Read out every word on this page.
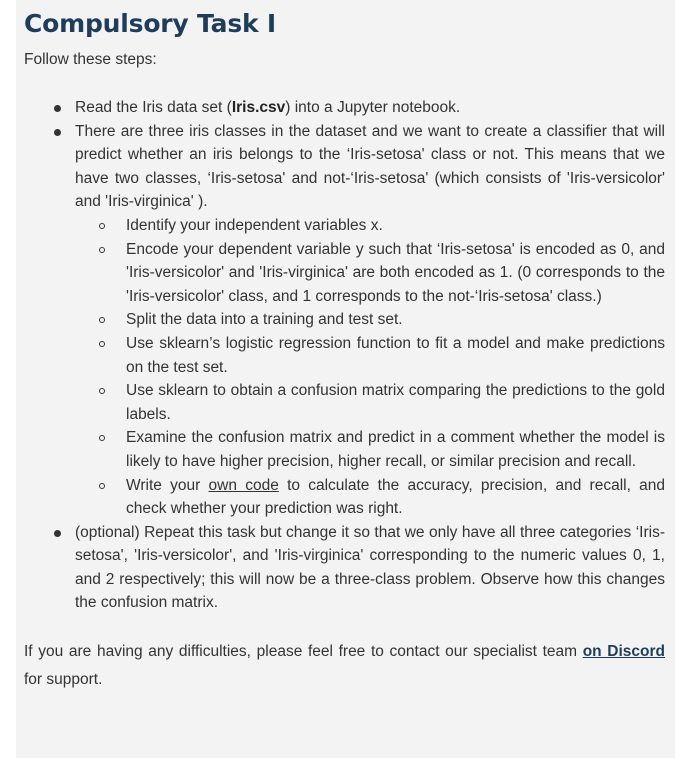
Compulsory Task I

Follow these steps:

Read the Iris data set (Iris.csv) into a Jupyter notebook.
There are three iris classes in the dataset and we want to create a classifier that will predict whether an iris belongs to the ‘Iris-setosa' class or not. This means that we have two classes, ‘Iris-setosa' and not-‘Iris-setosa' (which consists of 'Iris-versicolor' and 'Iris-virginica' ).
Identify your independent variables x.
Encode your dependent variable y such that ‘Iris-setosa' is encoded as 0, and 'Iris-versicolor' and 'Iris-virginica' are both encoded as 1. (0 corresponds to the 'Iris-versicolor' class, and 1 corresponds to the not-‘Iris-setosa' class.)
Split the data into a training and test set.
Use sklearn’s logistic regression function to fit a model and make predictions on the test set.
Use sklearn to obtain a confusion matrix comparing the predictions to the gold labels.
Examine the confusion matrix and predict in a comment whether the model is likely to have higher precision, higher recall, or similar precision and recall.
Write your own code to calculate the accuracy, precision, and recall, and check whether your prediction was right.
(optional) Repeat this task but change it so that we only have all three categories ‘Iris-setosa', 'Iris-versicolor', and 'Iris-virginica' corresponding to the numeric values 0, 1, and 2 respectively; this will now be a three-class problem. Observe how this changes the confusion matrix.

If you are having any difficulties, please feel free to contact our specialist team on Discord for support.
